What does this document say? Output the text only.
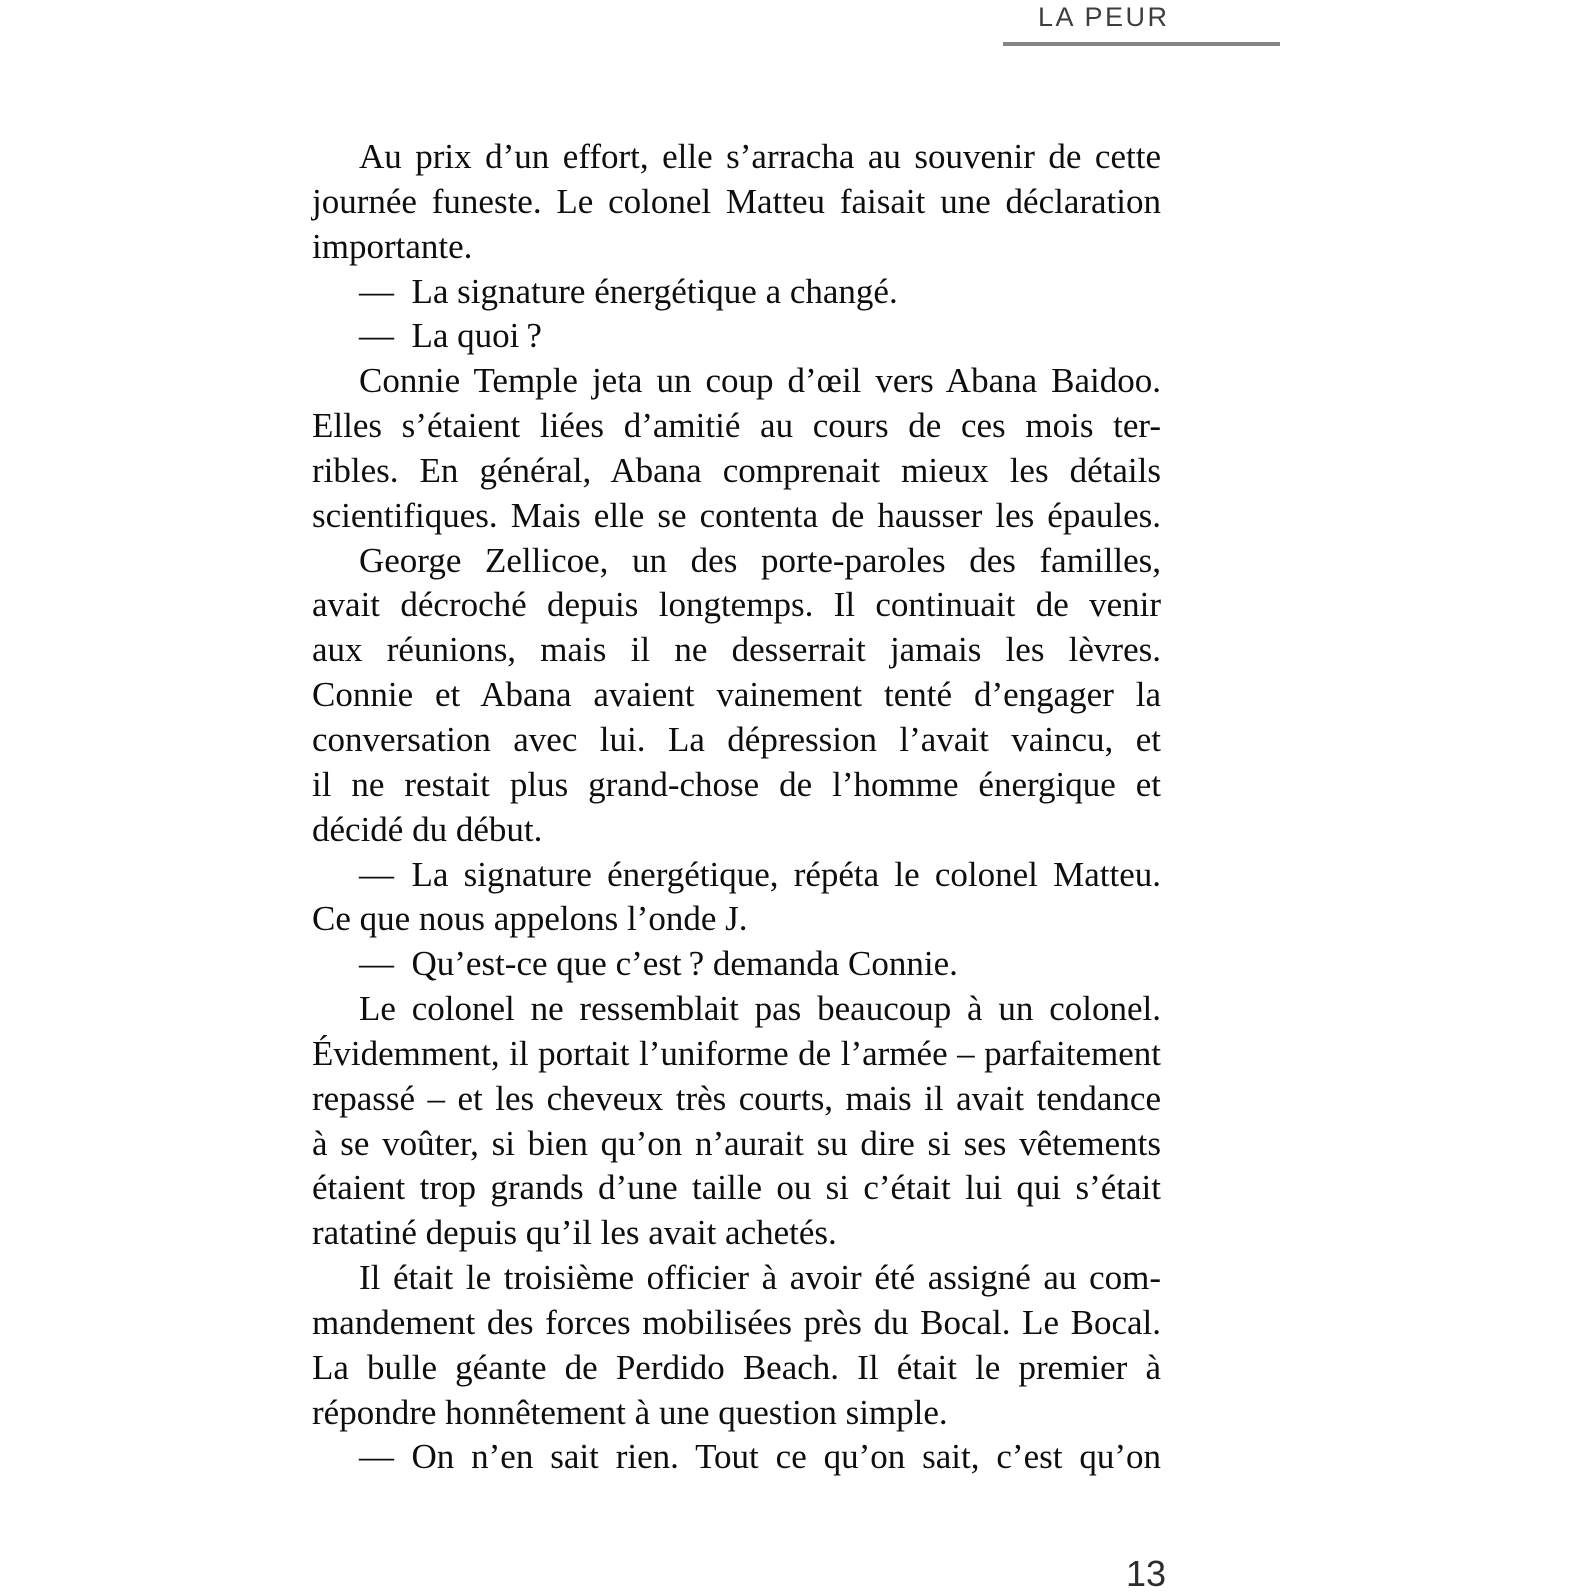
LA PEUR
Au prix d’un effort, elle s’arracha au souvenir de cette
journée funeste. Le colonel Matteu faisait une déclaration
importante.
— La signature énergétique a changé.
— La quoi ?
Connie Temple jeta un coup d’œil vers Abana Baidoo.
Elles s’étaient liées d’amitié au cours de ces mois ter-
ribles. En général, Abana comprenait mieux les détails
scientifiques. Mais elle se contenta de hausser les épaules.
George Zellicoe, un des porte-paroles des familles,
avait décroché depuis longtemps. Il continuait de venir
aux réunions, mais il ne desserrait jamais les lèvres.
Connie et Abana avaient vainement tenté d’engager la
conversation avec lui. La dépression l’avait vaincu, et
il ne restait plus grand-chose de l’homme énergique et
décidé du début.
— La signature énergétique, répéta le colonel Matteu.
Ce que nous appelons l’onde J.
— Qu’est-ce que c’est ? demanda Connie.
Le colonel ne ressemblait pas beaucoup à un colonel.
Évidemment, il portait l’uniforme de l’armée – parfaitement
repassé – et les cheveux très courts, mais il avait tendance
à se voûter, si bien qu’on n’aurait su dire si ses vêtements
étaient trop grands d’une taille ou si c’était lui qui s’était
ratatiné depuis qu’il les avait achetés.
Il était le troisième officier à avoir été assigné au com-
mandement des forces mobilisées près du Bocal. Le Bocal.
La bulle géante de Perdido Beach. Il était le premier à
répondre honnêtement à une question simple.
— On n’en sait rien. Tout ce qu’on sait, c’est qu’on
13
